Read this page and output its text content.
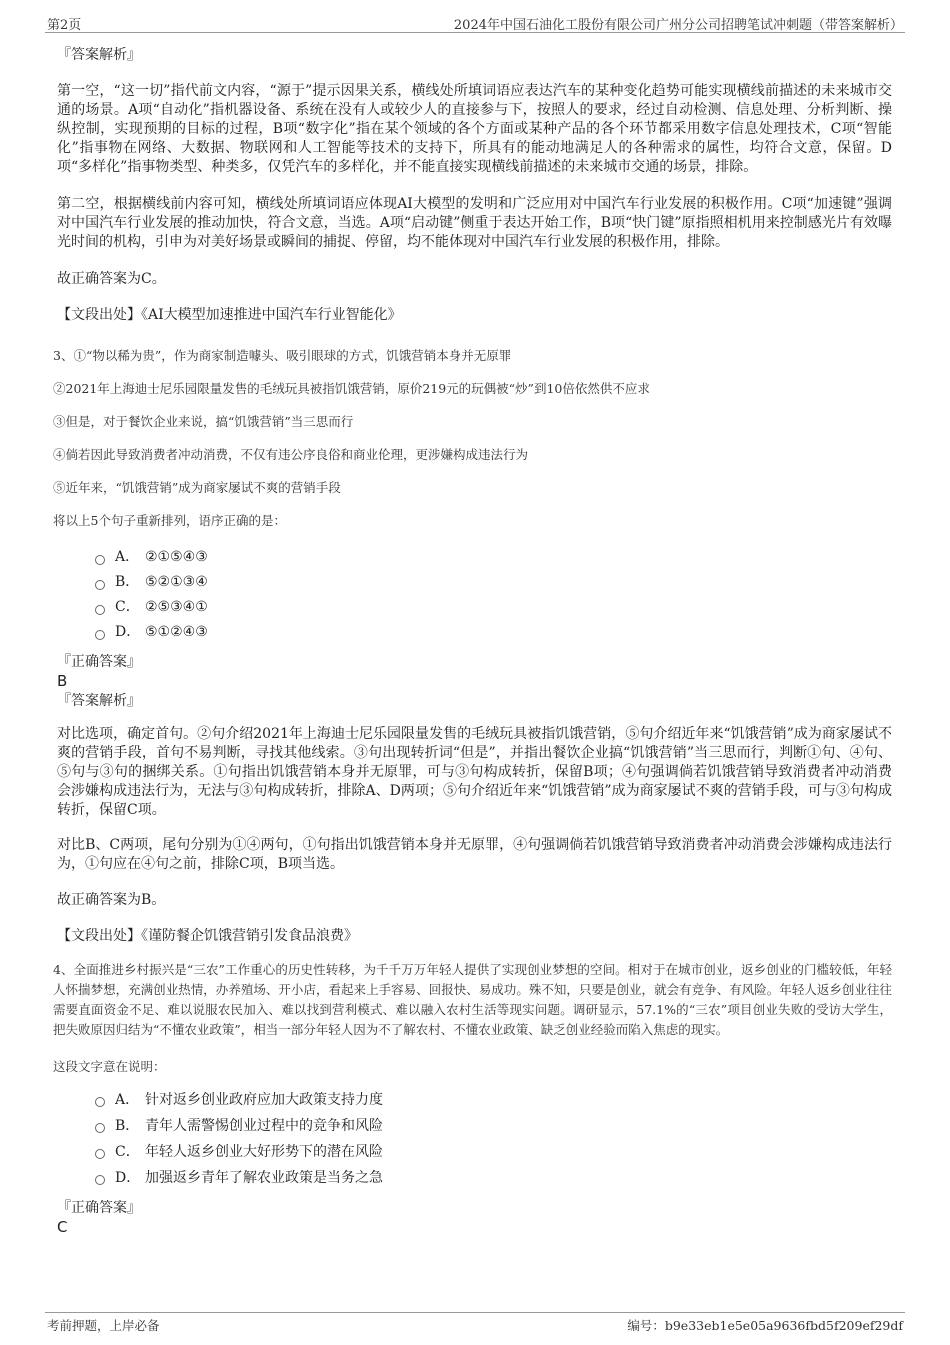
第2页	2024年中国石油化工股份有限公司广州分公司招聘笔试冲刺题（带答案解析）

『答案解析』

第一空，“这一切”指代前文内容，“源于”提示因果关系，横线处所填词语应表达汽车的某种变化趋势可能实现横线前描述的未来城市交通的场景。A项“自动化”指机器设备、系统在没有人或较少人的直接参与下，按照人的要求，经过自动检测、信息处理、分析判断、操纵控制，实现预期的目标的过程，B项“数字化”指在某个领域的各个方面或某种产品的各个环节都采用数字信息处理技术，C项“智能化”指事物在网络、大数据、物联网和人工智能等技术的支持下，所具有的能动地满足人的各种需求的属性，均符合文意，保留。D项“多样化”指事物类型、种类多，仅凭汽车的多样化，并不能直接实现横线前描述的未来城市交通的场景，排除。

第二空，根据横线前内容可知，横线处所填词语应体现AI大模型的发明和广泛应用对中国汽车行业发展的积极作用。C项“加速键”强调对中国汽车行业发展的推动加快，符合文意，当选。A项“启动键”侧重于表达开始工作，B项“快门键”原指照相机用来控制感光片有效曝光时间的机构，引申为对美好场景或瞬间的捕捉、停留，均不能体现对中国汽车行业发展的积极作用，排除。

故正确答案为C。

【文段出处】《AI大模型加速推进中国汽车行业智能化》

3、①“物以稀为贵”，作为商家制造噱头、吸引眼球的方式，饥饿营销本身并无原罪

②2021年上海迪士尼乐园限量发售的毛绒玩具被指饥饿营销，原价219元的玩偶被“炒”到10倍依然供不应求

③但是，对于餐饮企业来说，搞“饥饿营销”当三思而行

④倘若因此导致消费者冲动消费，不仅有违公序良俗和商业伦理，更涉嫌构成违法行为

⑤近年来，“饥饿营销”成为商家屡试不爽的营销手段

将以上5个句子重新排列，语序正确的是：

A． ②①⑤④③
B． ⑤②①③④
C． ②⑤③④①
D． ⑤①②④③

『正确答案』

B

『答案解析』

对比选项，确定首句。②句介绍2021年上海迪士尼乐园限量发售的毛绒玩具被指饥饿营销，⑤句介绍近年来“饥饿营销”成为商家屡试不爽的营销手段，首句不易判断，寻找其他线索。③句出现转折词“但是”，并指出餐饮企业搞“饥饿营销”当三思而行，判断①句、④句、⑤句与③句的捆绑关系。①句指出饥饿营销本身并无原罪，可与③句构成转折，保留B项；④句强调倘若饥饿营销导致消费者冲动消费会涉嫌构成违法行为，无法与③句构成转折，排除A、D两项；⑤句介绍近年来“饥饿营销”成为商家屡试不爽的营销手段，可与③句构成转折，保留C项。

对比B、C两项，尾句分别为①④两句，①句指出饥饿营销本身并无原罪，④句强调倘若饥饿营销导致消费者冲动消费会涉嫌构成违法行为，①句应在④句之前，排除C项，B项当选。

故正确答案为B。

【文段出处】《谨防餐企饥饿营销引发食品浪费》

4、全面推进乡村振兴是“三农”工作重心的历史性转移，为千千万万年轻人提供了实现创业梦想的空间。相对于在城市创业，返乡创业的门槛较低，年轻人怀揣梦想，充满创业热情，办养殖场、开小店，看起来上手容易、回报快、易成功。殊不知，只要是创业，就会有竞争、有风险。年轻人返乡创业往往需要直面资金不足、难以说服农民加入、难以找到营利模式、难以融入农村生活等现实问题。调研显示，57.1%的“三农”项目创业失败的受访大学生，把失败原因归结为“不懂农业政策”，相当一部分年轻人因为不了解农村、不懂农业政策、缺乏创业经验而陷入焦虑的现实。

这段文字意在说明：

A． 针对返乡创业政府应加大政策支持力度
B． 青年人需警惕创业过程中的竞争和风险
C． 年轻人返乡创业大好形势下的潜在风险
D． 加强返乡青年了解农业政策是当务之急

『正确答案』

C

考前押题，上岸必备	编号：b9e33eb1e5e05a9636fbd5f209ef29df
